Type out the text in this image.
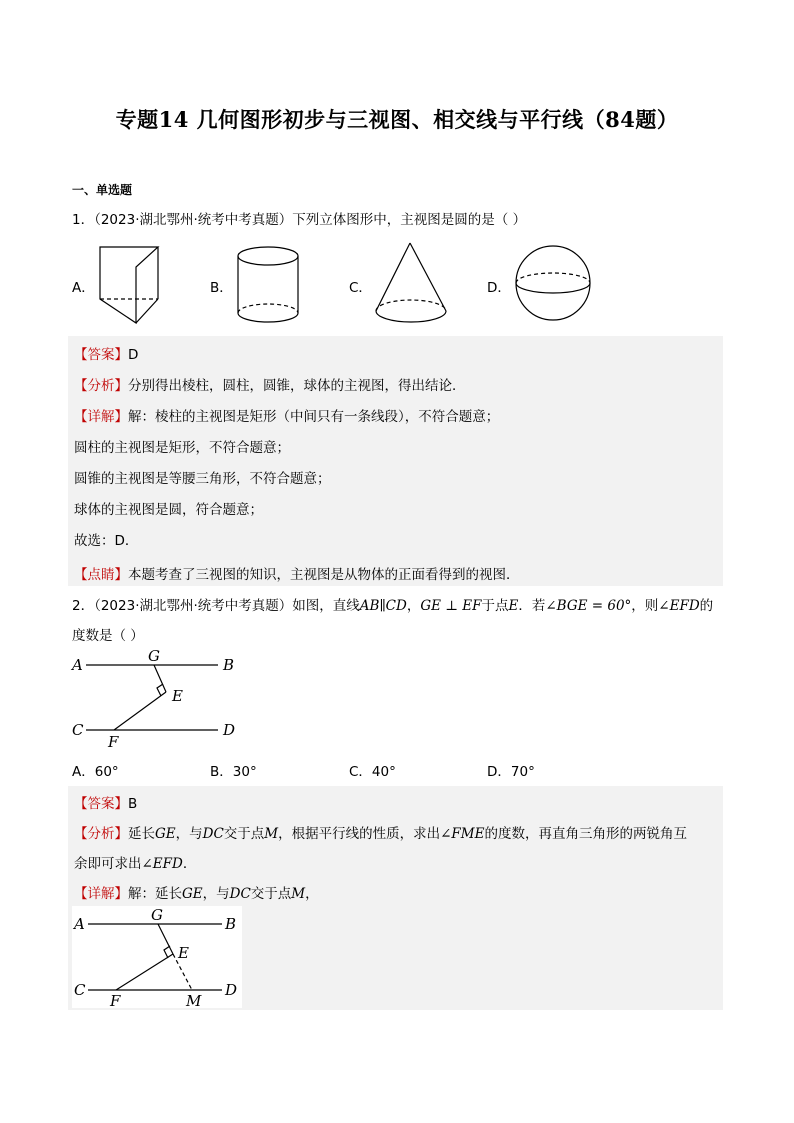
专题14 几何图形初步与三视图、相交线与平行线（84题）
一、单选题
1．（2023·湖北鄂州·统考中考真题）下列立体图形中，主视图是圆的是（ ）
A．	B．	C．	D．
【答案】D
【分析】分别得出棱柱，圆柱，圆锥，球体的主视图，得出结论．
【详解】解：棱柱的主视图是矩形（中间只有一条线段），不符合题意；
圆柱的主视图是矩形，不符合题意；
圆锥的主视图是等腰三角形，不符合题意；
球体的主视图是圆，符合题意；
故选：D．
【点睛】本题考查了三视图的知识，主视图是从物体的正面看得到的视图．
2．（2023·湖北鄂州·统考中考真题）如图，直线AB∥CD，GE ⊥ EF于点E．若∠BGE = 60°，则∠EFD的
度数是（ ）
A	B
G
E
C	D
F
A．60°	B．30°	C．40°	D．70°
【答案】B
【分析】延长GE，与DC交于点M，根据平行线的性质，求出∠FME的度数，再直角三角形的两锐角互
余即可求出∠EFD．
【详解】解：延长GE，与DC交于点M，
A	B
G
E
C	D
F	M
